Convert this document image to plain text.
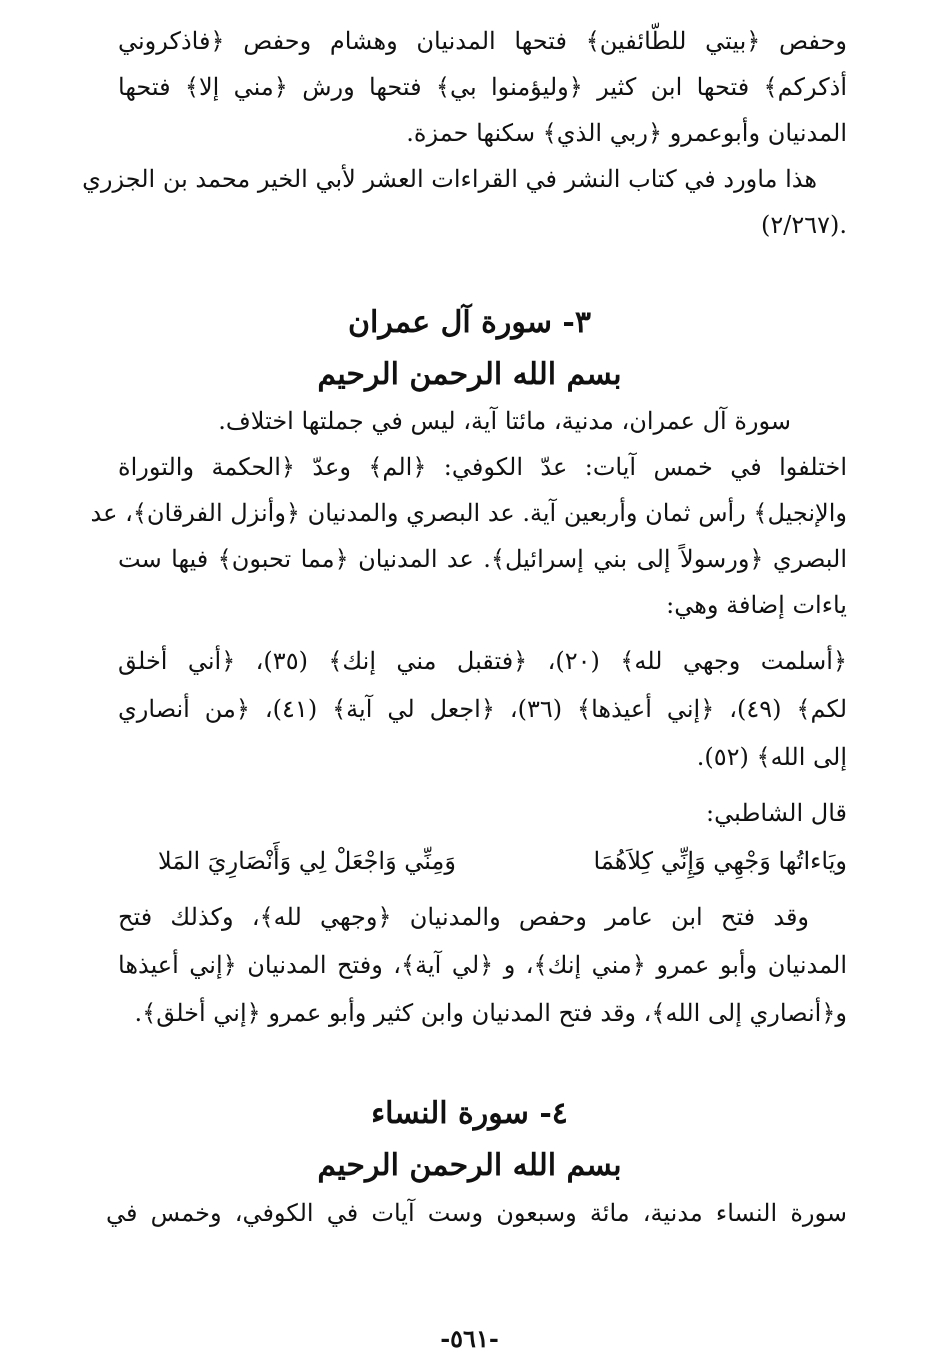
وحفص ﴿بيتي للطّائفين﴾ فتحها المدنيان وهشام وحفص ﴿فاذكروني
أذكركم﴾ فتحها ابن كثير ﴿وليؤمنوا بي﴾ فتحها ورش ﴿مني إلا﴾ فتحها
المدنيان وأبوعمرو ﴿ربي الذي﴾ سكنها حمزة.
هذا ماورد في كتاب النشر في القراءات العشر لأبي الخير محمد بن الجزري
(٢/٢٦٧).
٣- سورة آل عمران
بسم الله الرحمن الرحيم
سورة آل عمران، مدنية، مائتا آية، ليس في جملتها اختلاف.
اختلفوا في خمس آيات: عدّ الكوفي: ﴿الم﴾ وعدّ ﴿الحكمة والتوراة
والإنجيل﴾ رأس ثمان وأربعين آية. عد البصري والمدنيان ﴿وأنزل الفرقان﴾، عد
البصري ﴿ورسولاً إلى بني إسرائيل﴾. عد المدنيان ﴿مما تحبون﴾ فيها ست
ياءات إضافة وهي:
﴿أسلمت وجهي لله﴾ (٢٠)، ﴿فتقبل مني إنك﴾ (٣٥)، ﴿أني أخلق
لكم﴾ (٤٩)، ﴿إني أعيذها﴾ (٣٦)، ﴿اجعل لي آية﴾ (٤١)، ﴿من أنصاري
إلى الله﴾ (٥٢).
قال الشاطبي:
ويَاءاتُها وَجْهِي وَإِنِّي كِلاَهُمَا
وَمِنِّي وَاجْعَلْ لِي وَأَنْصَارِيَ المَلا
وقد فتح ابن عامر وحفص والمدنيان ﴿وجهي لله﴾، وكذلك فتح
المدنيان وأبو عمرو ﴿مني إنك﴾، و ﴿لي آية﴾، وفتح المدنيان ﴿إني أعيذها
و﴿أنصاري إلى الله﴾، وقد فتح المدنيان وابن كثير وأبو عمرو ﴿إني أخلق﴾.
٤- سورة النساء
بسم الله الرحمن الرحيم
سورة النساء مدنية، مائة وسبعون وست آيات في الكوفي، وخمس في
-٥٦١-
